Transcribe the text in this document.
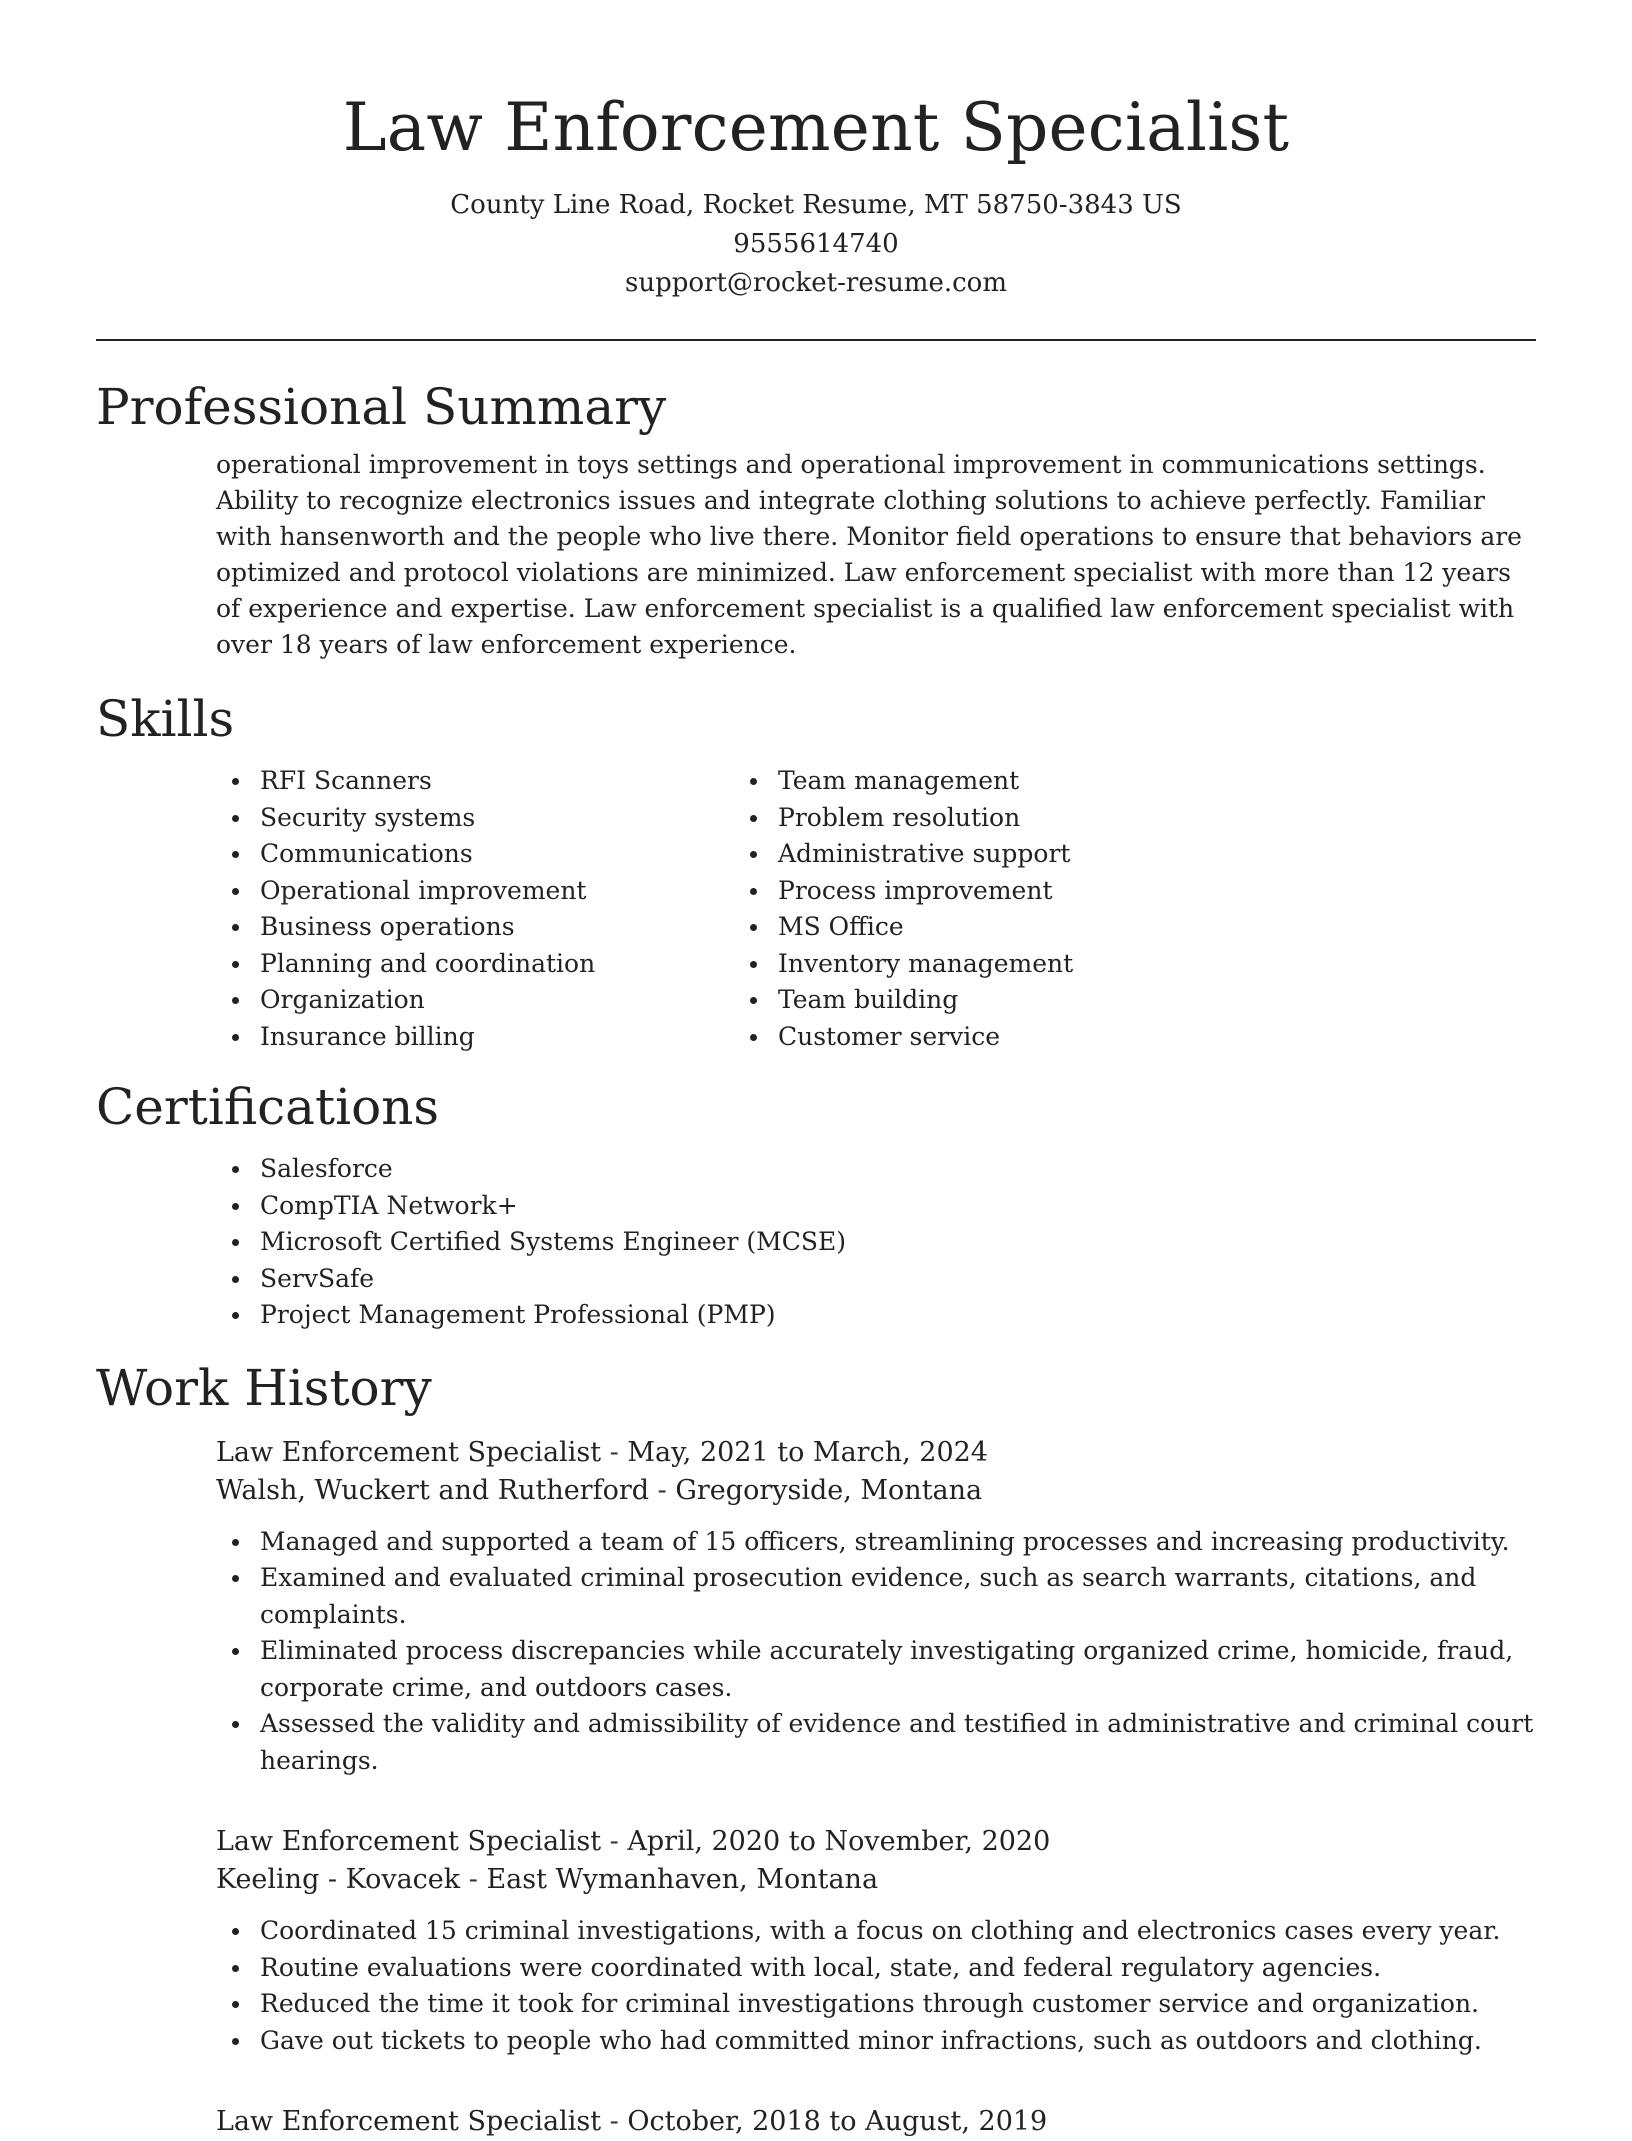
Law Enforcement Specialist
County Line Road, Rocket Resume, MT 58750-3843 US
9555614740
support@rocket-resume.com
Professional Summary

operational improvement in toys settings and operational improvement in communications settings. Ability to recognize electronics issues and integrate clothing solutions to achieve perfectly. Familiar with hansenworth and the people who live there. Monitor field operations to ensure that behaviors are optimized and protocol violations are minimized. Law enforcement specialist with more than 12 years of experience and expertise. Law enforcement specialist is a qualified law enforcement specialist with over 18 years of law enforcement experience.

Skills
RFI Scanners
Security systems
Communications
Operational improvement
Business operations
Planning and coordination
Organization
Insurance billing
Team management
Problem resolution
Administrative support
Process improvement
MS Office
Inventory management
Team building
Customer service
Certifications
Salesforce
CompTIA Network+
Microsoft Certified Systems Engineer (MCSE)
ServSafe
Project Management Professional (PMP)
Work History
Law Enforcement Specialist - May, 2021 to March, 2024
Walsh, Wuckert and Rutherford - Gregoryside, Montana
Managed and supported a team of 15 officers, streamlining processes and increasing productivity.
Examined and evaluated criminal prosecution evidence, such as search warrants, citations, and complaints.
Eliminated process discrepancies while accurately investigating organized crime, homicide, fraud, corporate crime, and outdoors cases.
Assessed the validity and admissibility of evidence and testified in administrative and criminal court hearings.
Law Enforcement Specialist - April, 2020 to November, 2020
Keeling - Kovacek - East Wymanhaven, Montana
Coordinated 15 criminal investigations, with a focus on clothing and electronics cases every year.
Routine evaluations were coordinated with local, state, and federal regulatory agencies.
Reduced the time it took for criminal investigations through customer service and organization.
Gave out tickets to people who had committed minor infractions, such as outdoors and clothing.
Law Enforcement Specialist - October, 2018 to August, 2019
